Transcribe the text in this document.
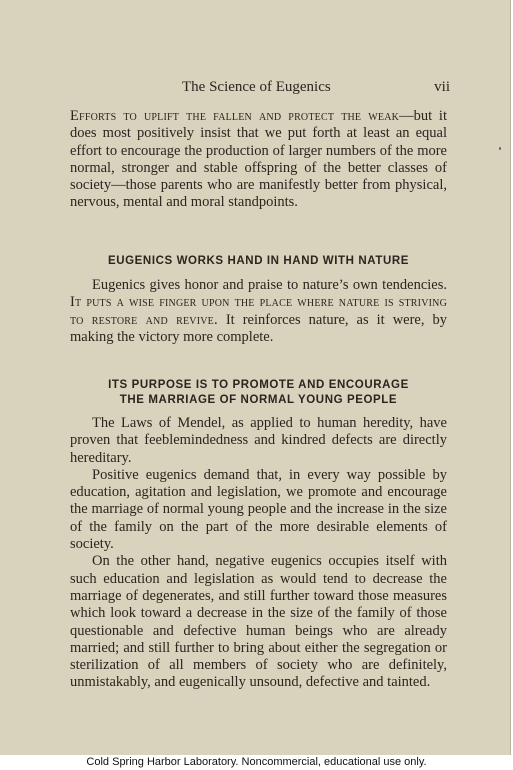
The Science of Eugenics	vii

Efforts to uplift the fallen and protect the weak—but it does most positively insist that we put forth at least an equal effort to encourage the production of larger numbers of the more normal, stronger and stable offspring of the better classes of society—those parents who are manifestly better from physical, nervous, mental and moral standpoints.

EUGENICS WORKS HAND IN HAND WITH NATURE

Eugenics gives honor and praise to nature’s own tendencies. It puts a wise finger upon the place where nature is striving to restore and revive. It reinforces nature, as it were, by making the victory more complete.

ITS PURPOSE IS TO PROMOTE AND ENCOURAGE
THE MARRIAGE OF NORMAL YOUNG PEOPLE

The Laws of Mendel, as applied to human heredity, have proven that feeblemindedness and kindred defects are directly hereditary.

Positive eugenics demand that, in every way possible by education, agitation and legislation, we promote and encourage the marriage of normal young people and the increase in the size of the family on the part of the more desirable elements of society.

On the other hand, negative eugenics occupies itself with such education and legislation as would tend to decrease the marriage of degenerates, and still further toward those measures which look toward a decrease in the size of the family of those questionable and defective human beings who are already married; and still further to bring about either the segregation or sterilization of all members of society who are definitely, unmistakably, and eugenically unsound, defective and tainted.

Cold Spring Harbor Laboratory. Noncommercial, educational use only.
